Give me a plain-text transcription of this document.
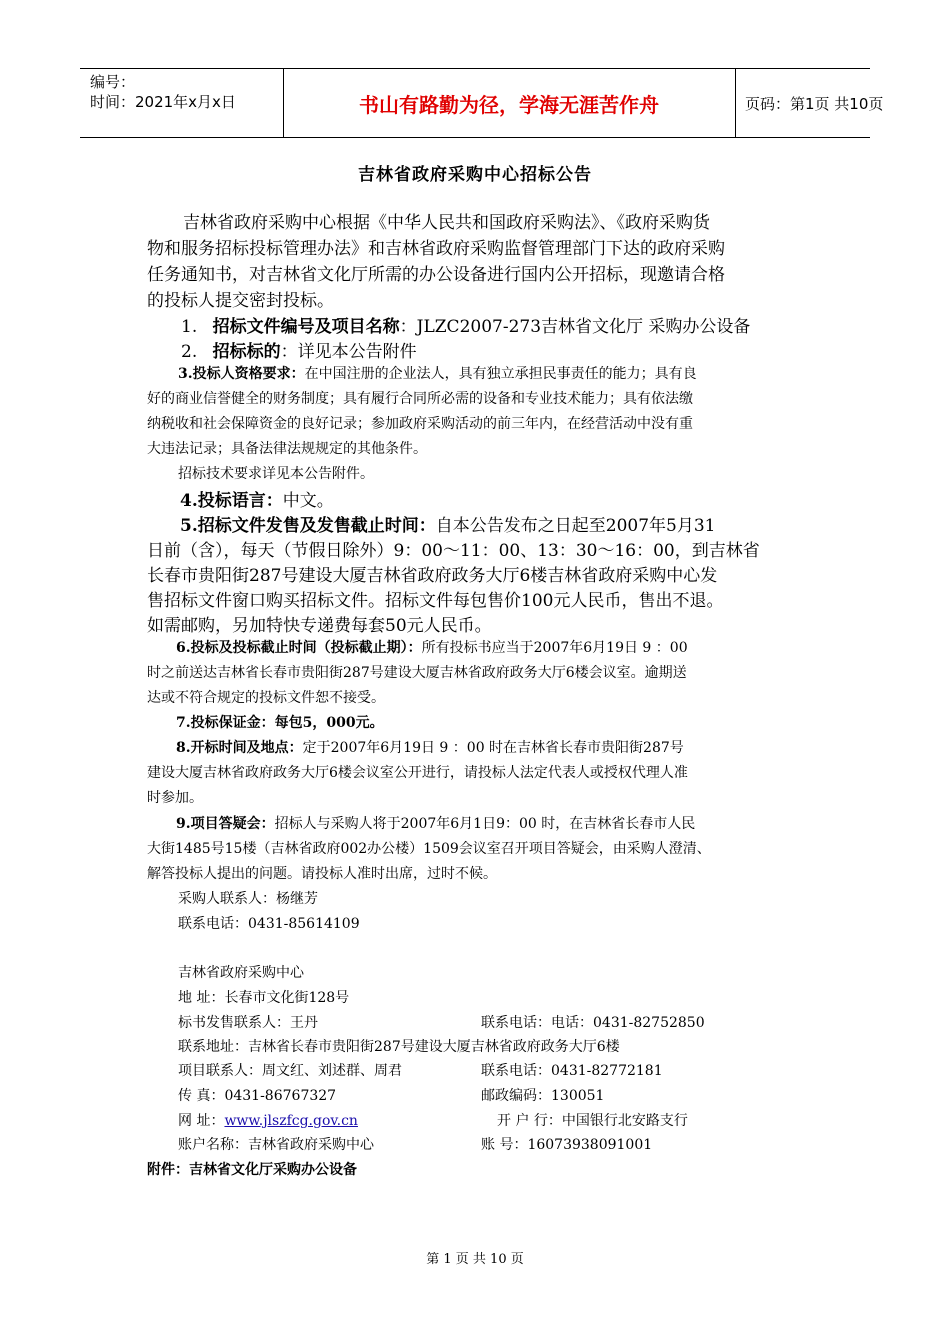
编号：
时间：2021年x月x日	书山有路勤为径，学海无涯苦作舟	页码：第1页 共10页
吉林省政府采购中心招标公告
吉林省政府采购中心根据《中华人民共和国政府采购法》、《政府采购货
物和服务招标投标管理办法》和吉林省政府采购监督管理部门下达的政府采购
任务通知书，对吉林省文化厅所需的办公设备进行国内公开招标，现邀请合格
的投标人提交密封投标。
1. 招标文件编号及项目名称：JLZC2007-273吉林省文化厅 采购办公设备
2. 招标标的：详见本公告附件
3.投标人资格要求：在中国注册的企业法人，具有独立承担民事责任的能力；具有良
好的商业信誉健全的财务制度；具有履行合同所必需的设备和专业技术能力；具有依法缴
纳税收和社会保障资金的良好记录；参加政府采购活动的前三年内，在经营活动中没有重
大违法记录；具备法律法规规定的其他条件。
招标技术要求详见本公告附件。
4.投标语言：中文。
5.招标文件发售及发售截止时间：自本公告发布之日起至2007年5月31
日前（含），每天（节假日除外）9：00～11：00、13：30～16：00，到吉林省
长春市贵阳街287号建设大厦吉林省政府政务大厅6楼吉林省政府采购中心发
售招标文件窗口购买招标文件。招标文件每包售价100元人民币，售出不退。
如需邮购，另加特快专递费每套50元人民币。
6.投标及投标截止时间（投标截止期）：所有投标书应当于2007年6月19日 9 ：00
时之前送达吉林省长春市贵阳街287号建设大厦吉林省政府政务大厅6楼会议室。逾期送
达或不符合规定的投标文件恕不接受。
7.投标保证金：每包5，000元。
8.开标时间及地点：定于2007年6月19日 9 ：00 时在吉林省长春市贵阳街287号
建设大厦吉林省政府政务大厅6楼会议室公开进行，请投标人法定代表人或授权代理人准
时参加。
9.项目答疑会：招标人与采购人将于2007年6月1日9：00 时，在吉林省长春市人民
大街1485号15楼（吉林省政府002办公楼）1509会议室召开项目答疑会，由采购人澄清、
解答投标人提出的问题。请投标人准时出席，过时不候。
采购人联系人：杨继芳
联系电话：0431-85614109
吉林省政府采购中心
地 址：长春市文化街128号
标书发售联系人：王丹	联系电话：电话：0431-82752850
联系地址：吉林省长春市贵阳街287号建设大厦吉林省政府政务大厅6楼
项目联系人：周文红、刘述群、周君	联系电话：0431-82772181
传 真：0431-86767327	邮政编码：130051
网 址：www.jlszfcg.gov.cn	开 户 行：中国银行北安路支行
账户名称：吉林省政府采购中心	账 号：16073938091001
附件：吉林省文化厅采购办公设备
第 1 页 共 10 页
